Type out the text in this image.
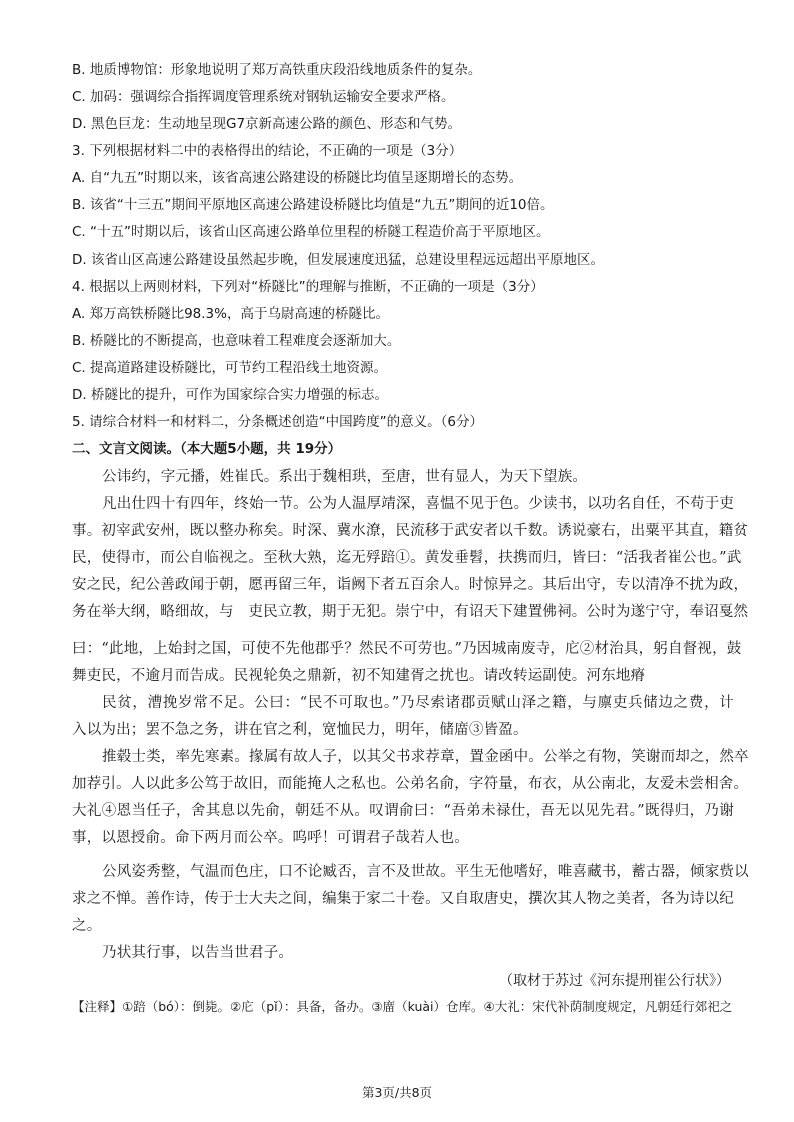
B. 地质博物馆：形象地说明了郑万高铁重庆段沿线地质条件的复杂。
C. 加码：强调综合指挥调度管理系统对钢轨运输安全要求严格。
D. 黑色巨龙：生动地呈现G7京新高速公路的颜色、形态和气势。
3. 下列根据材料二中的表格得出的结论，不正确的一项是（3分）
A. 自“九五”时期以来，该省高速公路建设的桥隧比均值呈逐期增长的态势。
B. 该省“十三五”期间平原地区高速公路建设桥隧比均值是“九五”期间的近10倍。
C. “十五”时期以后，该省山区高速公路单位里程的桥隧工程造价高于平原地区。
D. 该省山区高速公路建设虽然起步晚，但发展速度迅猛，总建设里程远远超出平原地区。
4. 根据以上两则材料，下列对“桥隧比”的理解与推断，不正确的一项是（3分）
A. 郑万高铁桥隧比98.3%，高于乌尉高速的桥隧比。
B. 桥隧比的不断提高，也意味着工程难度会逐渐加大。
C. 提高道路建设桥隧比，可节约工程沿线土地资源。
D. 桥隧比的提升，可作为国家综合实力增强的标志。
5. 请综合材料一和材料二，分条概述创造“中国跨度”的意义。（6分）
二、文言文阅读。（本大题5小题，共 19分）
公讳约，字元播，姓崔氏。系出于魏相珙，至唐，世有显人，为天下望族。
凡出仕四十有四年，终始一节。公为人温厚靖深，喜愠不见于色。少读书，以功名自任，不苟于吏
事。初宰武安州，既以整办称矣。时深、冀水潦，民流移于武安者以千数。诱说豪右，出粟平其直，籍贫
民，使得市，而公自临视之。至秋大熟，迄无殍踣①。黄发垂髫，扶携而归，皆曰：“活我者崔公也。”武
安之民，纪公善政闻于朝，愿再留三年，诣阙下者五百余人。时惊异之。其后出守，专以清净不扰为政，
务在举大纲，略细故，与　吏民立教，期于无犯。崇宁中，有诏天下建置佛祠。公时为遂宁守，奉诏戛然
曰：“此地，上始封之国，可使不先他郡乎？然民不可劳也。”乃因城南废寺，庀②材治具，躬自督视，鼓
舞吏民，不逾月而告成。民视轮奂之鼎新，初不知建胥之扰也。请改转运副使。河东地瘠
民贫，漕挽岁常不足。公曰：“民不可取也。”乃尽索诸郡贡赋山泽之籍，与廪吏兵储边之费，计
入以为出；罢不急之务，讲在官之利，宽恤民力，明年，储庿③皆盈。
推毂士类，率先寒素。掾属有故人子，以其父书求荐章，置金函中。公举之有物，笑谢而却之，然卒
加荐引。人以此多公笃于故旧，而能掩人之私也。公弟名俞，字符量，布衣，从公南北，友爱未尝相舍。
大礼④恩当任子，舍其息以先俞，朝廷不从。叹谓俞曰：“吾弟未禄仕，吾无以见先君。”既得归，乃谢
事，以恩授俞。命下两月而公卒。呜呼！可谓君子哉若人也。
公风姿秀整，气温而色庄，口不论臧否，言不及世故。平生无他嗜好，唯喜藏书，蓄古器，倾家赀以
求之不惮。善作诗，传于士大夫之间，编集于家二十卷。又自取唐史，撰次其人物之美者，各为诗以纪
之。
乃状其行事，以告当世君子。
（取材于苏过《河东提刑崔公行状》）
【注释】①踣（bó）：倒毙。②庀（pǐ）：具备，备办。③庿（kuài）仓库。④大礼：宋代补荫制度规定，凡朝廷行郊祀之
第3页/共8页
